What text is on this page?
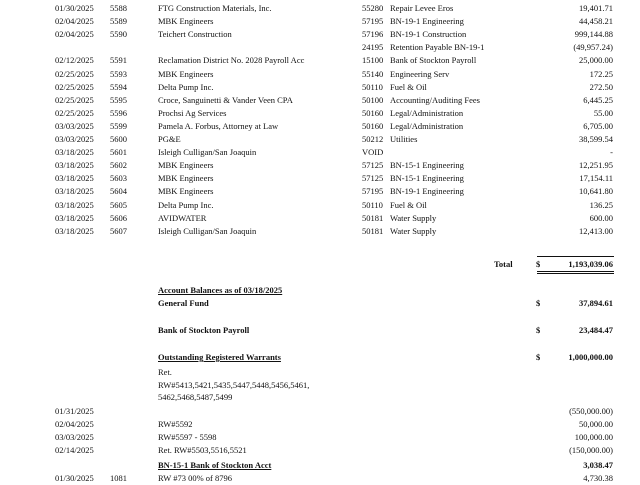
01/30/2025 5588	FTG Construction Materials, Inc.	55280 Repair Levee Eros	19,401.71
02/04/2025 5589	MBK Engineers	57195 BN-19-1 Engineering	44,458.21
02/04/2025 5590	Teichert Construction	57196 BN-19-1 Construction	999,144.88
24195 Retention Payable BN-19-1	(49,957.24)
02/12/2025 5591	Reclamation District No. 2028 Payroll Acc	15100 Bank of Stockton Payroll	25,000.00
02/25/2025 5593	MBK Engineers	55140 Engineering Serv	172.25
02/25/2025 5594	Delta Pump Inc.	50110 Fuel & Oil	272.50
02/25/2025 5595	Croce, Sanguinetti & Vander Veen CPA	50100 Accounting/Auditing Fees	6,445.25
02/25/2025 5596	Prochsi Ag Services	50160 Legal/Administration	55.00
03/03/2025 5599	Pamela A. Forbus, Attorney at Law	50160 Legal/Administration	6,705.00
03/03/2025 5600	PG&E	50212 Utilities	38,599.54
03/18/2025 5601	Isleigh Culligan/San Joaquin	VOID	-
03/18/2025 5602	MBK Engineers	57125 BN-15-1 Engineering	12,251.95
03/18/2025 5603	MBK Engineers	57125 BN-15-1 Engineering	17,154.11
03/18/2025 5604	MBK Engineers	57195 BN-19-1 Engineering	10,641.80
03/18/2025 5605	Delta Pump Inc.	50110 Fuel & Oil	136.25
03/18/2025 5606	AVIDWATER	50181 Water Supply	600.00
03/18/2025 5607	Isleigh Culligan/San Joaquin	50181 Water Supply	12,413.00
Total	$	1,193,039.06
Account Balances as of 03/18/2025
General Fund	$	37,894.61
Bank of Stockton Payroll	$	23,484.47
Outstanding Registered Warrants	$	1,000,000.00
Ret.
RW#5413,5421,5435,5447,5448,5456,5461,
5462,5468,5487,5499
01/31/2025	(550,000.00)
02/04/2025	RW#5592	50,000.00
03/03/2025	RW#5597 - 5598	100,000.00
02/14/2025	Ret. RW#5503,5516,5521	(150,000.00)
BN-15-1 Bank of Stockton Acct	3,038.47
01/30/2025 1081	RW #73 00% of 8796	4,730.38
